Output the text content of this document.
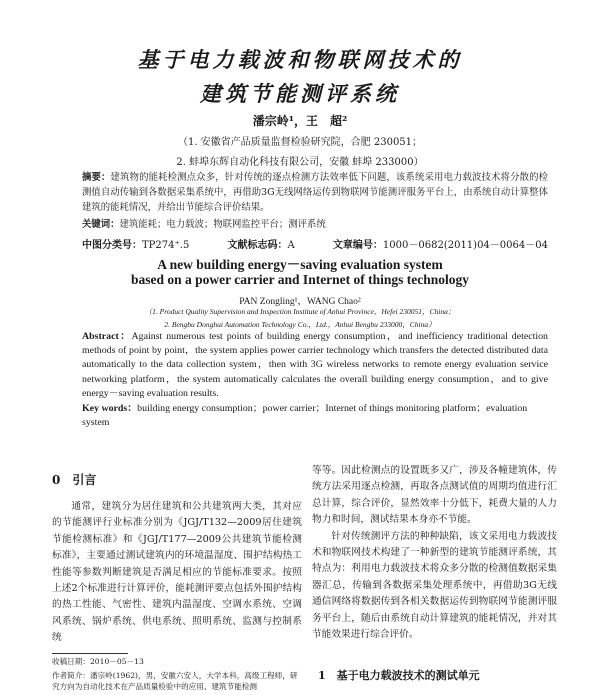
基于电力载波和物联网技术的
建筑节能测评系统
潘宗岭¹，王　超²
（1. 安徽省产品质量监督检验研究院，合肥 230051；
2. 蚌埠东辉自动化科技有限公司，安徽 蚌埠 233000）
摘要：建筑物的能耗检测点众多，针对传统的逐点检测方法效率低下问题，该系统采用电力载波技术将分散的检测值自动传输到各数据采集系统中，再借助3G无线网络运传到物联网节能测评服务平台上，由系统自动计算整体建筑的能耗情况，并给出节能综合评价结果。
关键词：建筑能耗；电力载波；物联网监控平台；测评系统
中图分类号：TP274⁺.5	文献标志码：A	文章编号：1000－0682(2011)04－0064－04
A new building energy－saving evaluation system
based on a power carrier and Internet of things technology
PAN Zongling¹，WANG Chao²
（1. Product Quality Supervision and Inspection Institute of Anhui Province，Hefei 230051，China；
2. Bengbu Donghui Automation Technology Co.，Ltd.，Anhui Bengbu 233000，China）
Abstract：Against numerous test points of building energy consumption，and inefficiency traditional detection methods of point by point，the system applies power carrier technology which transfers the detected distributed data automatically to the data collection system，then with 3G wireless networks to remote energy evaluation service networking platform，the system automatically calculates the overall building energy consumption，and to give energy－saving evaluation results.
Key words：building energy consumption；power carrier；Internet of things monitoring platform；evaluation system
0　引言
通常，建筑分为居住建筑和公共建筑两大类，其对应的节能测评行业标准分别为《JGJ/T132—2009居住建筑节能检测标准》和《JGJ/T177—2009公共建筑节能检测标准》，主要通过测试建筑内的环境温湿度、围护结构热工性能等参数判断建筑是否满足相应的节能标准要求。按照上述2个标准进行计算评价，能耗测评要点包括外围护结构的热工性能、气密性、建筑内温湿度、空调水系统、空调风系统、锅炉系统、供电系统、照明系统、监测与控制系统
等等。因此检测点的设置既多又广，涉及各幢建筑体，传统方法采用逐点检测，再取各点测试值的周期均值进行汇总计算，综合评价，显然效率十分低下，耗费大量的人力物力和时间，测试结果本身亦不节能。
针对传统测评方法的种种缺陷，该文采用电力载波技术和物联网技术构建了一种新型的建筑节能测评系统，其特点为：利用电力载波技术将众多分散的检测值数据采集器汇总，传输到各数据采集处理系统中，再借助3G无线通信网络将数据传到各相关数据运传到物联网节能测评服务平台上，随后由系统自动计算建筑的能耗情况，并对其节能效果进行综合评价。
收稿日期：2010－05－13
作者简介：潘宗岭(1962)，男，安徽六安人，大学本科，高级工程师，研究方向为自动化技术在产品质量检验中的应用、建筑节能检测
1　基于电力载波技术的测试单元
